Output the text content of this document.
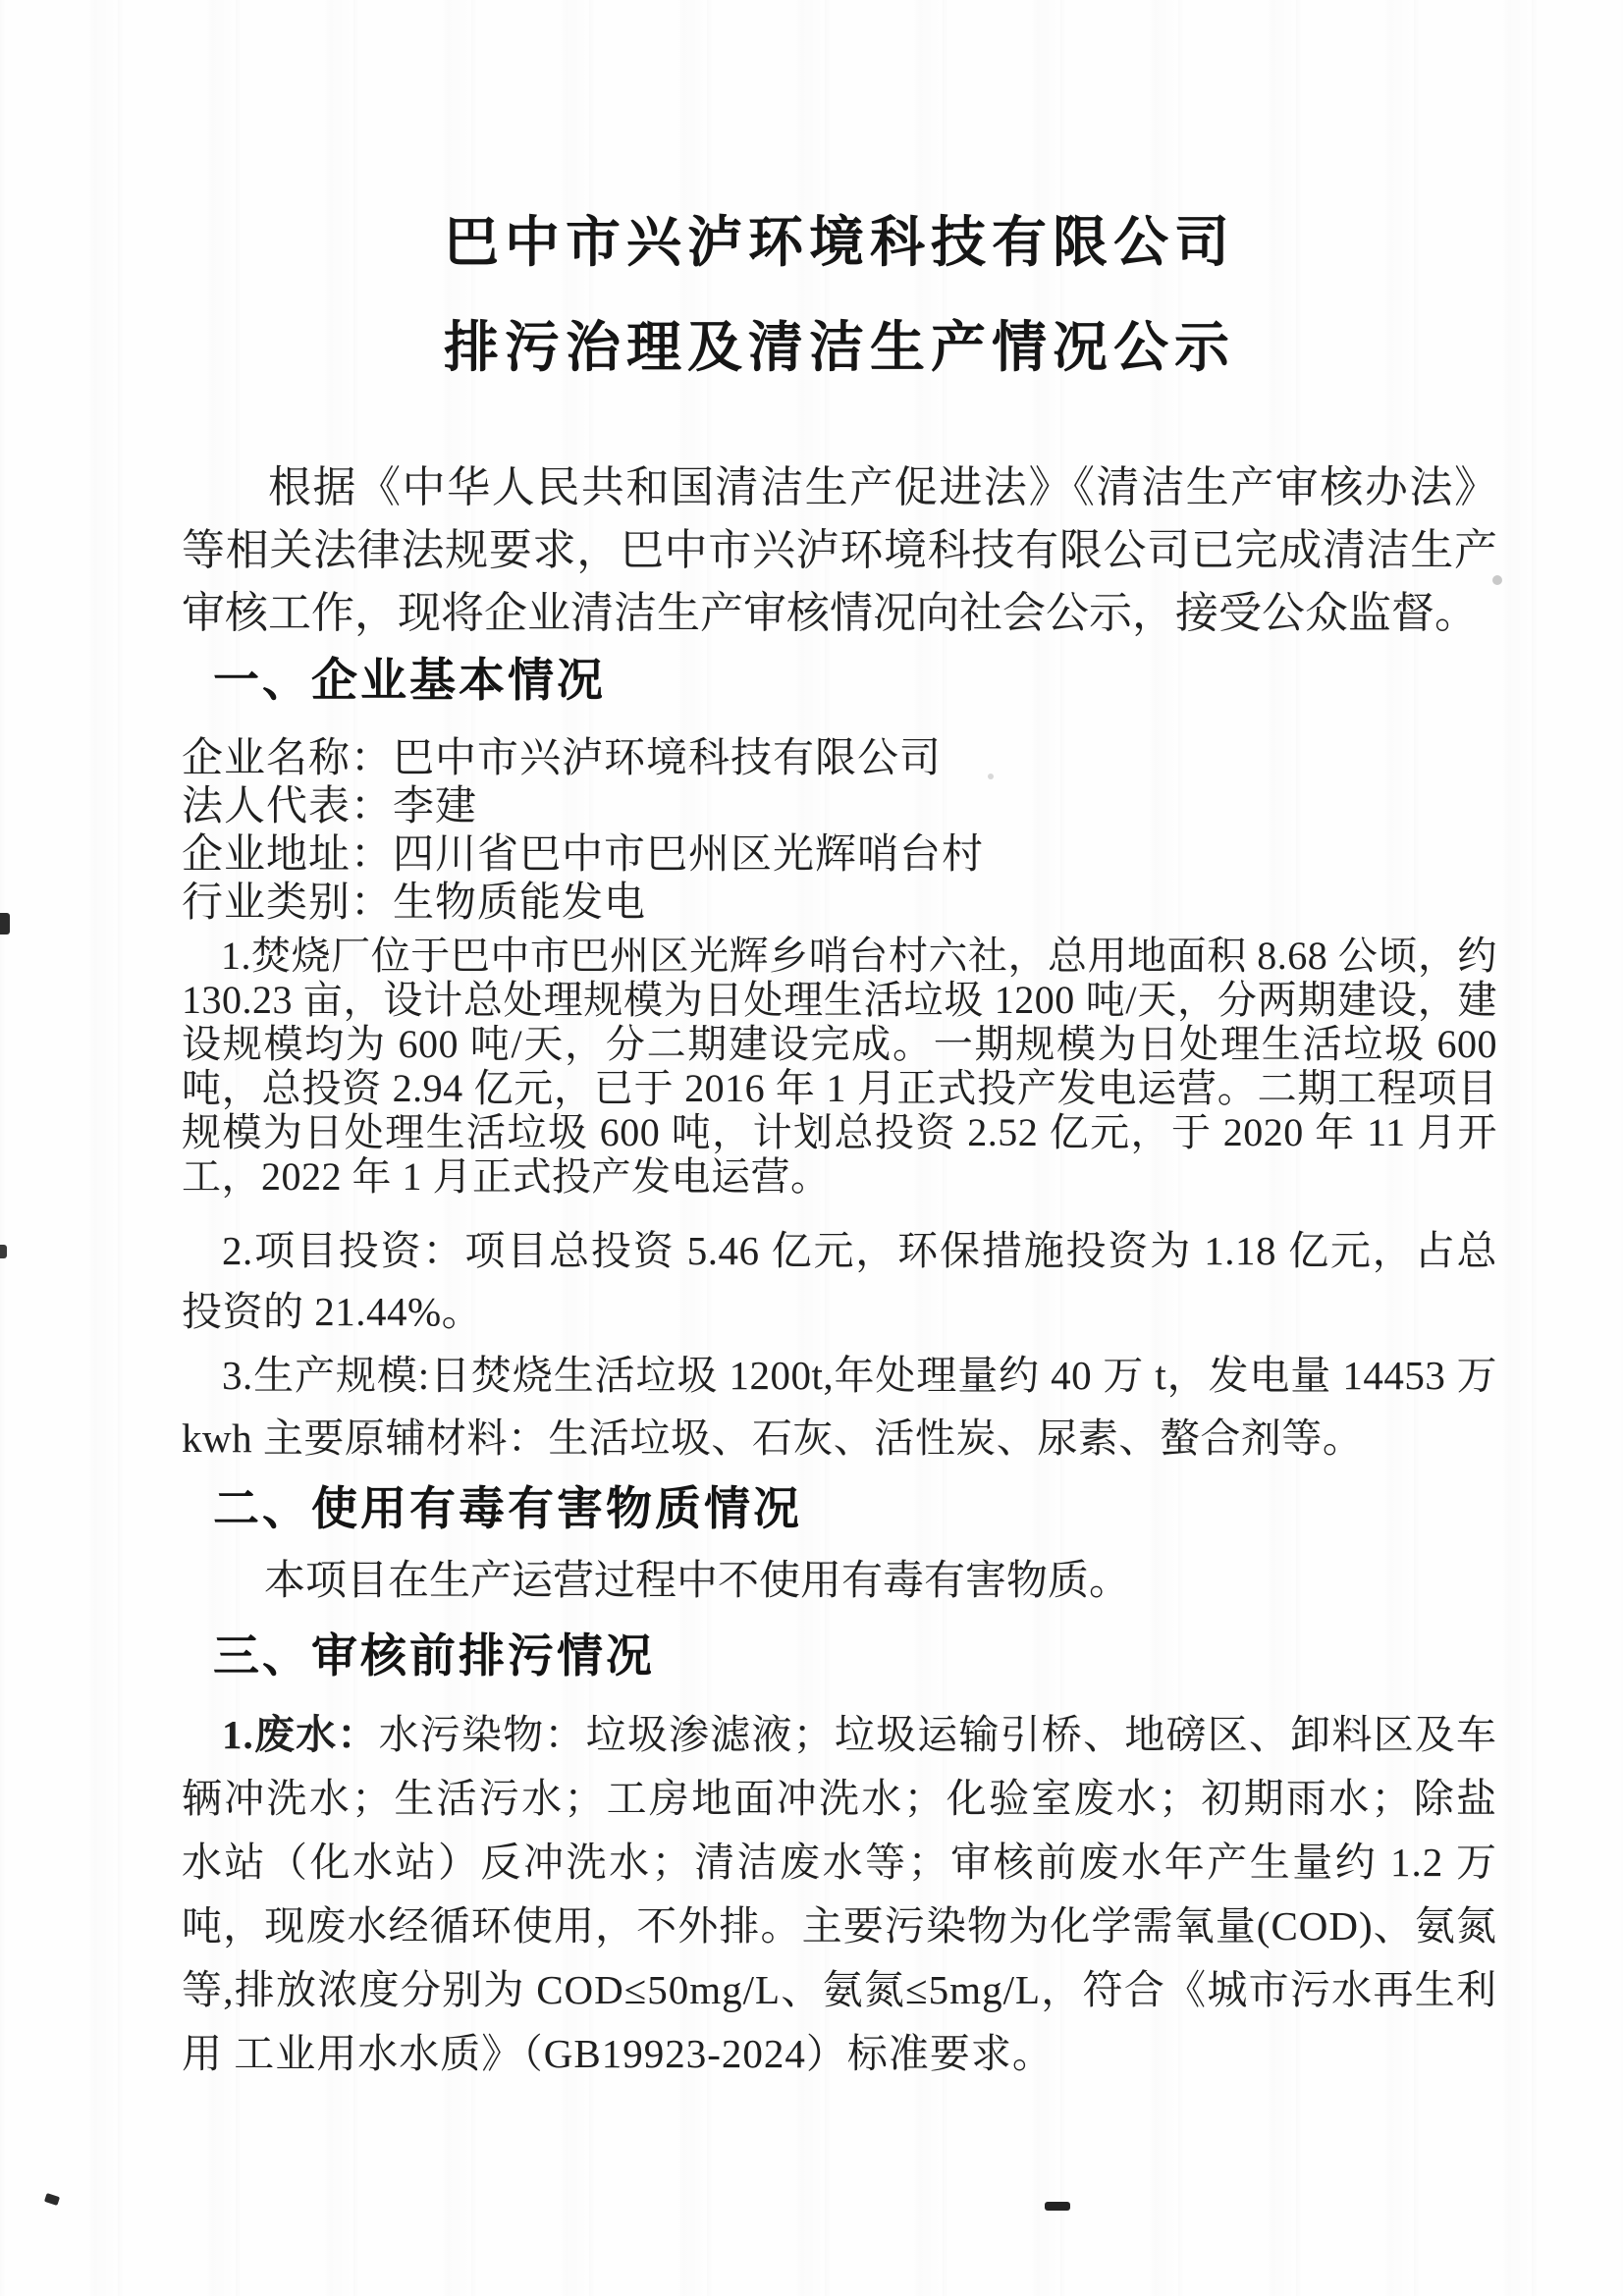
巴中市兴泸环境科技有限公司
排污治理及清洁生产情况公示

根据《中华人民共和国清洁生产促进法》《清洁生产审核办法》等相关法律法规要求，巴中市兴泸环境科技有限公司已完成清洁生产审核工作，现将企业清洁生产审核情况向社会公示，接受公众监督。

一、企业基本情况
企业名称：巴中市兴泸环境科技有限公司
法人代表：李建
企业地址：四川省巴中市巴州区光辉哨台村
行业类别：生物质能发电

1.焚烧厂位于巴中市巴州区光辉乡哨台村六社，总用地面积 8.68 公顷，约 130.23 亩，设计总处理规模为日处理生活垃圾 1200 吨/天，分两期建设，建设规模均为 600 吨/天，分二期建设完成。一期规模为日处理生活垃圾 600 吨，总投资 2.94 亿元，已于 2016 年 1 月正式投产发电运营。二期工程项目规模为日处理生活垃圾 600 吨，计划总投资 2.52 亿元，于 2020 年 11 月开工，2022 年 1 月正式投产发电运营。

2.项目投资：项目总投资 5.46 亿元，环保措施投资为 1.18 亿元，占总投资的 21.44%。

3.生产规模:日焚烧生活垃圾 1200t,年处理量约 40 万 t，发电量 14453 万 kwh 主要原辅材料：生活垃圾、石灰、活性炭、尿素、螯合剂等。

二、使用有毒有害物质情况

本项目在生产运营过程中不使用有毒有害物质。

三、审核前排污情况

1.废水：水污染物：垃圾渗滤液；垃圾运输引桥、地磅区、卸料区及车辆冲洗水；生活污水；工房地面冲洗水；化验室废水；初期雨水；除盐水站（化水站）反冲洗水；清洁废水等；审核前废水年产生量约 1.2 万吨，现废水经循环使用，不外排。主要污染物为化学需氧量(COD)、氨氮等,排放浓度分别为 COD≤50mg/L、氨氮≤5mg/L，符合《城市污水再生利用 工业用水水质》（GB19923-2024）标准要求。
